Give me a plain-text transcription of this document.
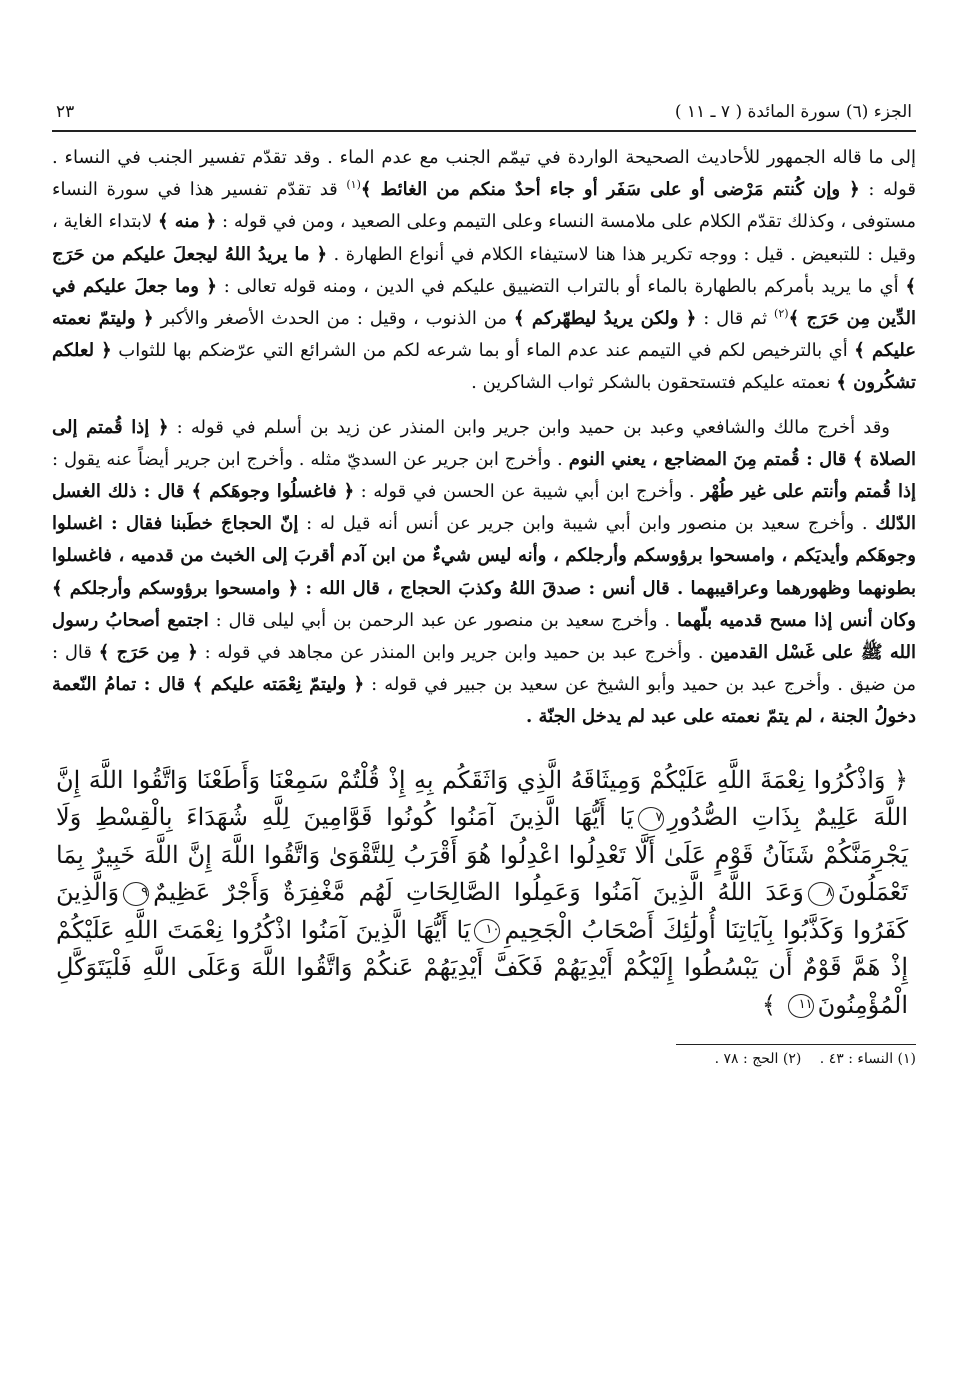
الجزء (٦) سورة المائدة ( ٧ ـ ١١ )
٢٣

إلى ما قاله الجمهور للأحاديث الصحيحة الواردة في تيمّم الجنب مع عدم الماء . وقد تقدّم تفسير الجنب في النساء . قوله : ﴿ وإن كُنتم مَرْضى أو على سَفَر أو جاء أحدٌ منكم من الغائط ﴾$^{(١)}$ قد تقدّم تفسير هذا في سورة النساء مستوفى ، وكذلك تقدّم الكلام على ملامسة النساء وعلى التيمم وعلى الصعيد ، ومن في قوله : ﴿ منه ﴾ لابتداء الغاية ، وقيل : للتبعيض . قيل : ووجه تكرير هذا هنا لاستيفاء الكلام في أنواع الطهارة . ﴿ ما يريدُ اللهُ ليجعلَ عليكم من حَرَج ﴾ أي ما يريد بأمركم بالطهارة بالماء أو بالتراب التضييق عليكم في الدين ، ومنه قوله تعالى : ﴿ وما جعلَ عليكم في الدِّين مِن حَرَج ﴾$^{(٢)}$ ثم قال : ﴿ ولكن يريدُ ليطهّركم ﴾ من الذنوب ، وقيل : من الحدث الأصغر والأكبر ﴿ وليتمّ نعمته عليكم ﴾ أي بالترخيص لكم في التيمم عند عدم الماء أو بما شرعه لكم من الشرائع التي عرّضكم بها للثواب ﴿ لعلكم تشكُرون ﴾ نعمته عليكم فتستحقون بالشكر ثواب الشاكرين .

وقد أخرج مالك والشافعي وعبد بن حميد وابن جرير وابن المنذر عن زيد بن أسلم في قوله : ﴿ إذا قُمتم إلى الصلاة ﴾ قال : قُمتم مِنَ المضاجع ، يعني النوم . وأخرج ابن جرير عن السديّ مثله . وأخرج ابن جرير أيضاً عنه يقول : إذا قُمتم وأنتم على غير طُهْر . وأخرج ابن أبي شيبة عن الحسن في قوله : ﴿ فاغسلُوا وجوهَكم ﴾ قال : ذلك الغسل الدّلك . وأخرج سعيد بن منصور وابن أبي شيبة وابن جرير عن أنس أنه قيل له : إنّ الحجاجَ خطَبنا فقال : اغسلوا وجوهَكم وأيديَكم ، وامسحوا برؤوسكم وأرجلكم ، وأنه ليس شيءٌ من ابن آدم أقربَ إلى الخبث من قدميه ، فاغسلوا بطونهما وظهورهما وعراقيبهما . قال أنس : صدقَ اللهُ وكذبَ الحجاج ، قال الله : ﴿ وامسحوا برؤوسكم وأرجلكم ﴾ وكان أنس إذا مسح قدميه بلّهما . وأخرج سعيد بن منصور عن عبد الرحمن بن أبي ليلى قال : اجتمع أصحابُ رسول الله ﷺ على غَسْل القدمين . وأخرج عبد بن حميد وابن جرير وابن المنذر عن مجاهد في قوله : ﴿ مِن حَرَج ﴾ قال : من ضيق . وأخرج عبد بن حميد وأبو الشيخ عن سعيد بن جبير في قوله : ﴿ وليتمّ نِعْمَته عليكم ﴾ قال : تمامُ النّعمة دخولُ الجنة ، لم يتمّ نعمته على عبد لم يدخل الجنّة .

﴿ وَاذْكُرُوا نِعْمَةَ اللَّهِ عَلَيْكُمْ وَمِيثَاقَهُ الَّذِي وَاثَقَكُم بِهِ إِذْ قُلْتُمْ سَمِعْنَا وَأَطَعْنَا وَاتَّقُوا اللَّهَ إِنَّ اللَّهَ عَلِيمٌ بِذَاتِ الصُّدُورِ٧يَا أَيُّهَا الَّذِينَ آمَنُوا كُونُوا قَوَّامِينَ لِلَّهِ شُهَدَاءَ بِالْقِسْطِ وَلَا يَجْرِمَنَّكُمْ شَنَآنُ قَوْمٍ عَلَىٰ أَلَّا تَعْدِلُوا اعْدِلُوا هُوَ أَقْرَبُ لِلتَّقْوَىٰ وَاتَّقُوا اللَّهَ إِنَّ اللَّهَ خَبِيرٌ بِمَا تَعْمَلُونَ٨وَعَدَ اللَّهُ الَّذِينَ آمَنُوا وَعَمِلُوا الصَّالِحَاتِ لَهُم مَّغْفِرَةٌ وَأَجْرٌ عَظِيمٌ٩وَالَّذِينَ كَفَرُوا وَكَذَّبُوا بِآيَاتِنَا أُولَٰئِكَ أَصْحَابُ الْجَحِيمِ١٠يَا أَيُّهَا الَّذِينَ آمَنُوا اذْكُرُوا نِعْمَتَ اللَّهِ عَلَيْكُمْ إِذْ هَمَّ قَوْمٌ أَن يَبْسُطُوا إِلَيْكُمْ أَيْدِيَهُمْ فَكَفَّ أَيْدِيَهُمْ عَنكُمْ وَاتَّقُوا اللَّهَ وَعَلَى اللَّهِ فَلْيَتَوَكَّلِ الْمُؤْمِنُونَ١١ ﴾
(١) النساء : ٤٣ . (٢) الحج : ٧٨ .
